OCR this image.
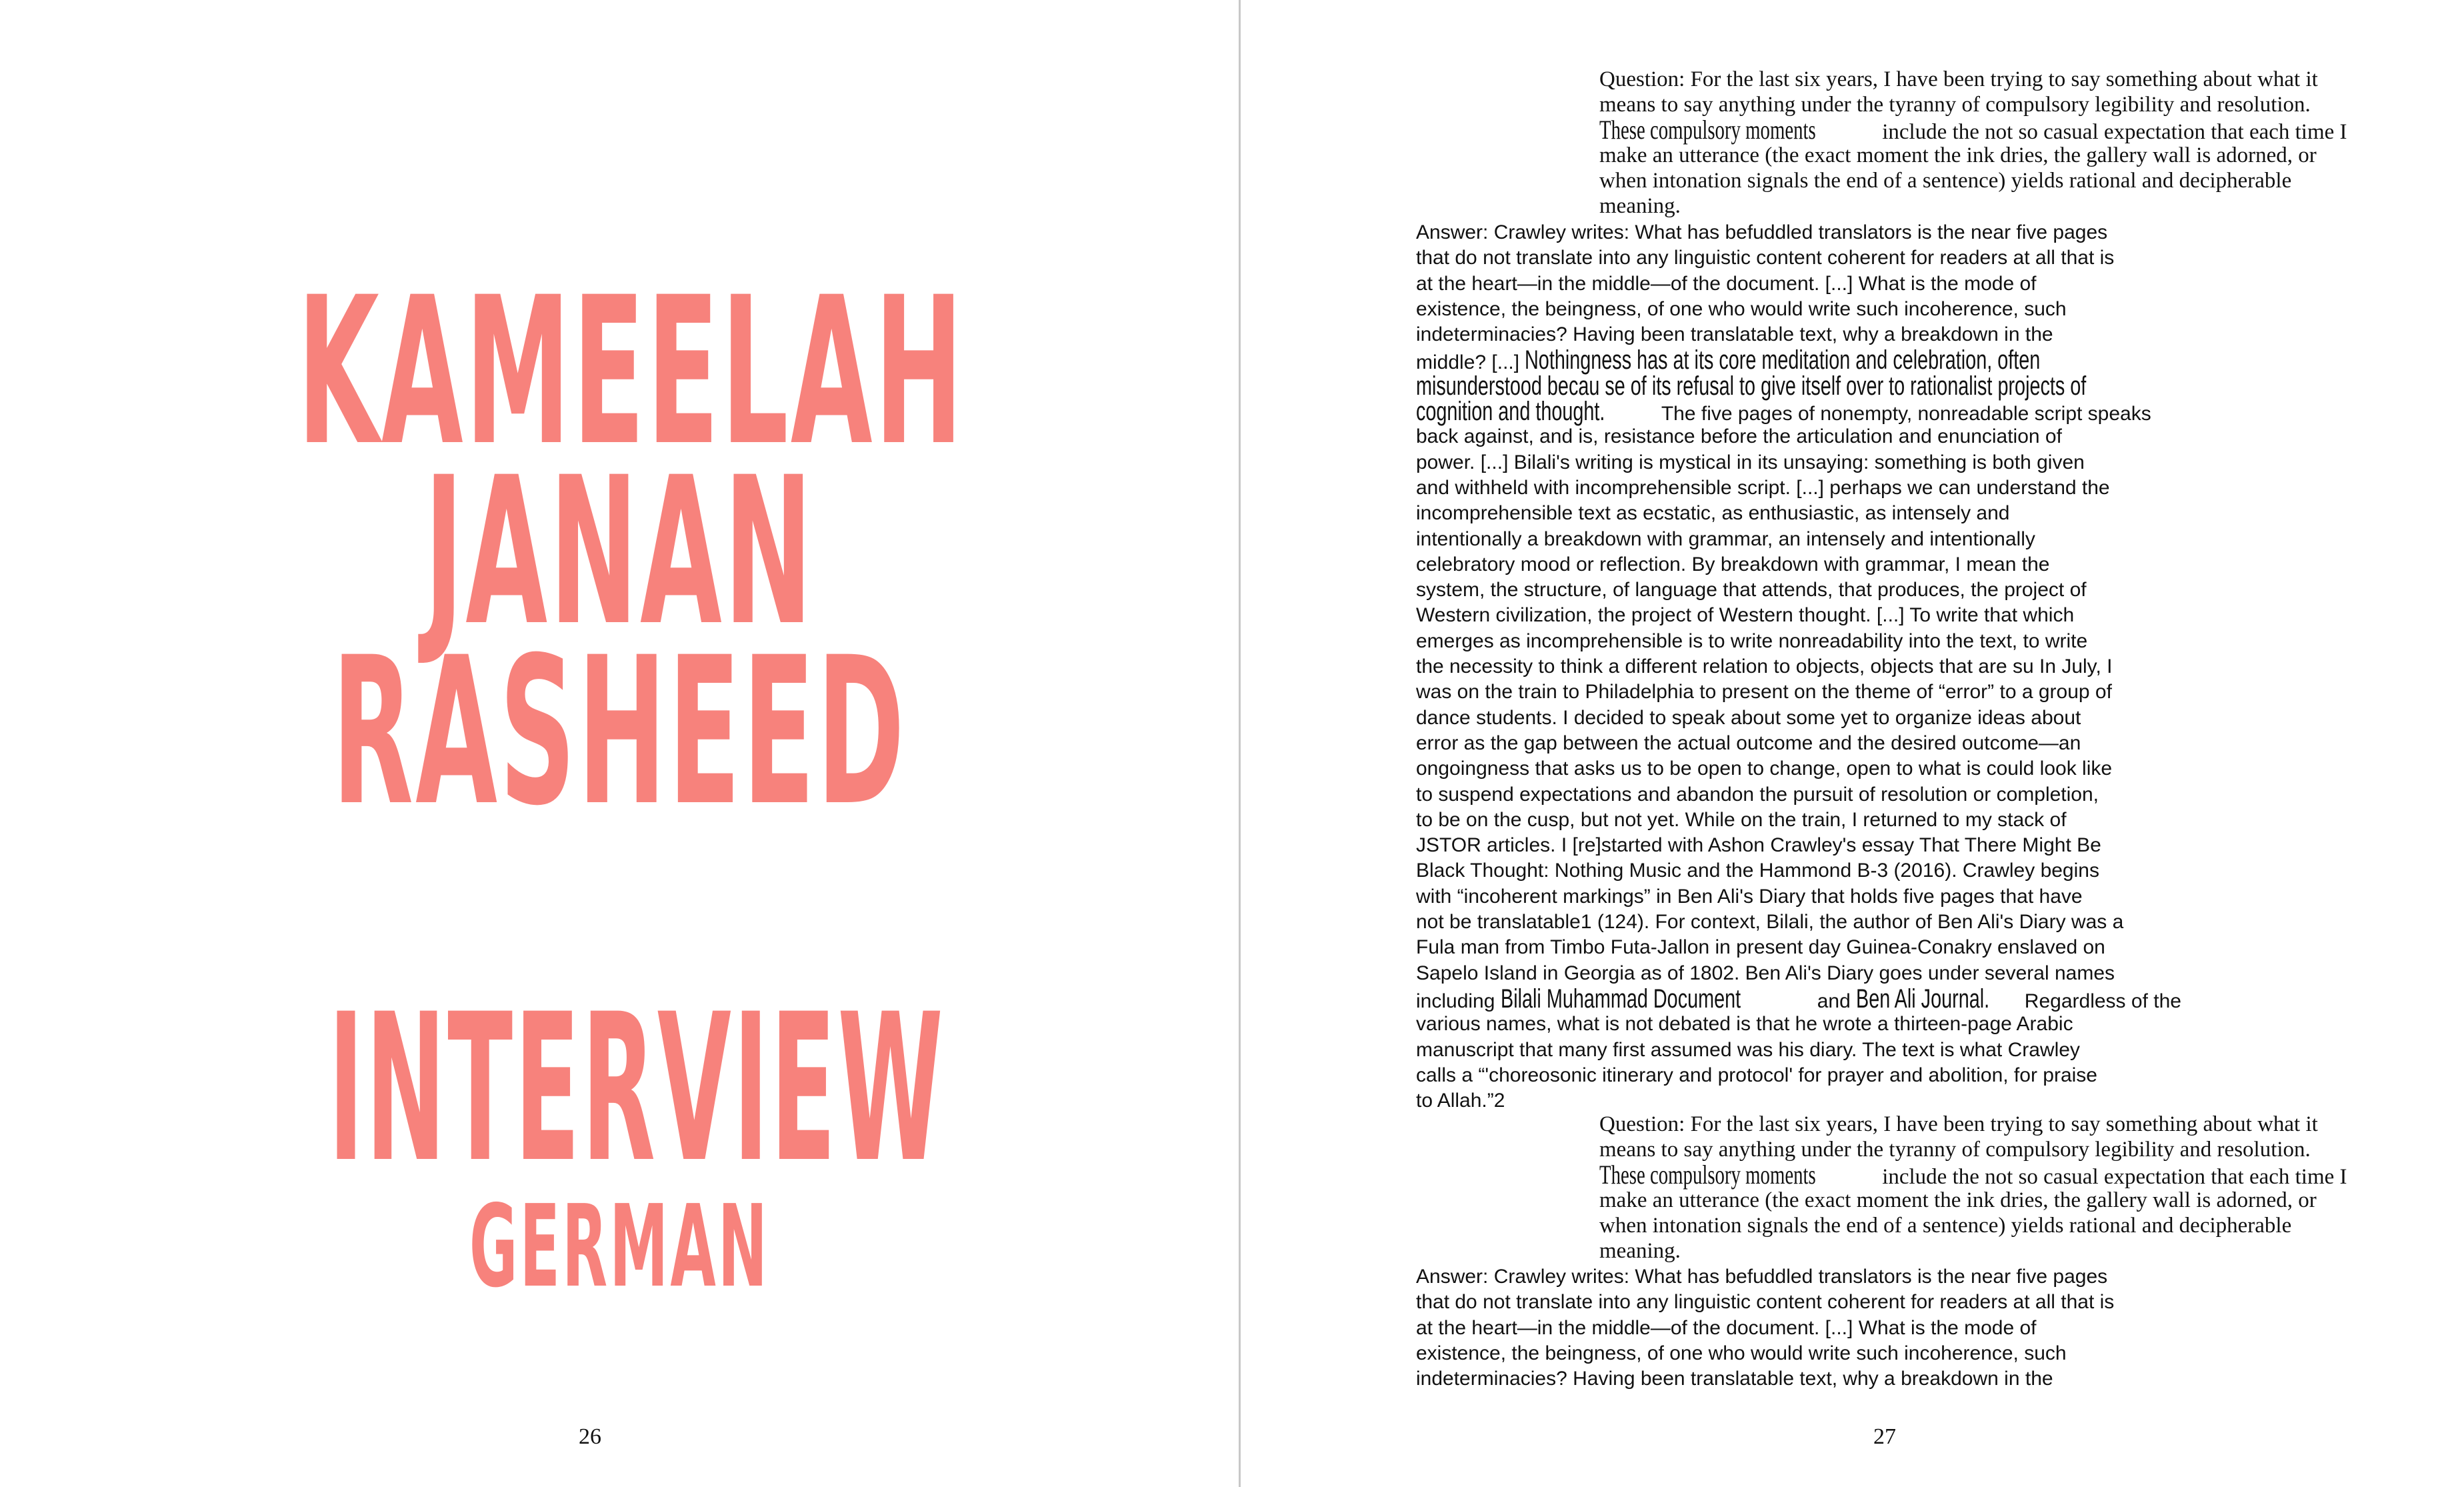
KAMEELAH
JANAN
RASHEED
INTERVIEW
GERMAN
26
Question: For the last six years, I have been trying to say something about what it
means to say anything under the tyranny of compulsory legibility and resolution.
These compulsory moments	include the not so casual expectation that each time I
make an utterance (the exact moment the ink dries, the gallery wall is adorned, or
when intonation signals the end of a sentence) yields rational and decipherable
meaning.
Answer: Crawley writes: What has befuddled translators is the near five pages
that do not translate into any linguistic content coherent for readers at all that is
at the heart—in the middle—of the document. [...] What is the mode of
existence, the beingness, of one who would write such incoherence, such
indeterminacies? Having been translatable text, why a breakdown in the
middle? [...] Nothingness has at its core meditation and celebration, often
misunderstood becau se of its refusal to give itself over to rationalist projects of
cognition and thought.	The five pages of nonempty, nonreadable script speaks
back against, and is, resistance before the articulation and enunciation of
power. [...] Bilali's writing is mystical in its unsaying: something is both given
and withheld with incomprehensible script. [...] perhaps we can understand the
incomprehensible text as ecstatic, as enthusiastic, as intensely and
intentionally a breakdown with grammar, an intensely and intentionally
celebratory mood or reflection. By breakdown with grammar, I mean the
system, the structure, of language that attends, that produces, the project of
Western civilization, the project of Western thought. [...] To write that which
emerges as incomprehensible is to write nonreadability into the text, to write
the necessity to think a different relation to objects, objects that are su In July, I
was on the train to Philadelphia to present on the theme of “error” to a group of
dance students. I decided to speak about some yet to organize ideas about
error as the gap between the actual outcome and the desired outcome—an
ongoingness that asks us to be open to change, open to what is could look like
to suspend expectations and abandon the pursuit of resolution or completion,
to be on the cusp, but not yet. While on the train, I returned to my stack of
JSTOR articles. I [re]started with Ashon Crawley's essay That There Might Be
Black Thought: Nothing Music and the Hammond B-3 (2016). Crawley begins
with “incoherent markings” in Ben Ali's Diary that holds five pages that have
not be translatable1 (124). For context, Bilali, the author of Ben Ali's Diary was a
Fula man from Timbo Futa-Jallon in present day Guinea-Conakry enslaved on
Sapelo Island in Georgia as of 1802. Ben Ali's Diary goes under several names
including Bilali Muhammad Document	and Ben Ali Journal. Regardless of the
various names, what is not debated is that he wrote a thirteen-page Arabic
manuscript that many first assumed was his diary. The text is what Crawley
calls a “'choreosonic itinerary and protocol' for prayer and abolition, for praise
to Allah.”2
Question: For the last six years, I have been trying to say something about what it
means to say anything under the tyranny of compulsory legibility and resolution.
These compulsory moments	include the not so casual expectation that each time I
make an utterance (the exact moment the ink dries, the gallery wall is adorned, or
when intonation signals the end of a sentence) yields rational and decipherable
meaning.
Answer: Crawley writes: What has befuddled translators is the near five pages
that do not translate into any linguistic content coherent for readers at all that is
at the heart—in the middle—of the document. [...] What is the mode of
existence, the beingness, of one who would write such incoherence, such
indeterminacies? Having been translatable text, why a breakdown in the
27
